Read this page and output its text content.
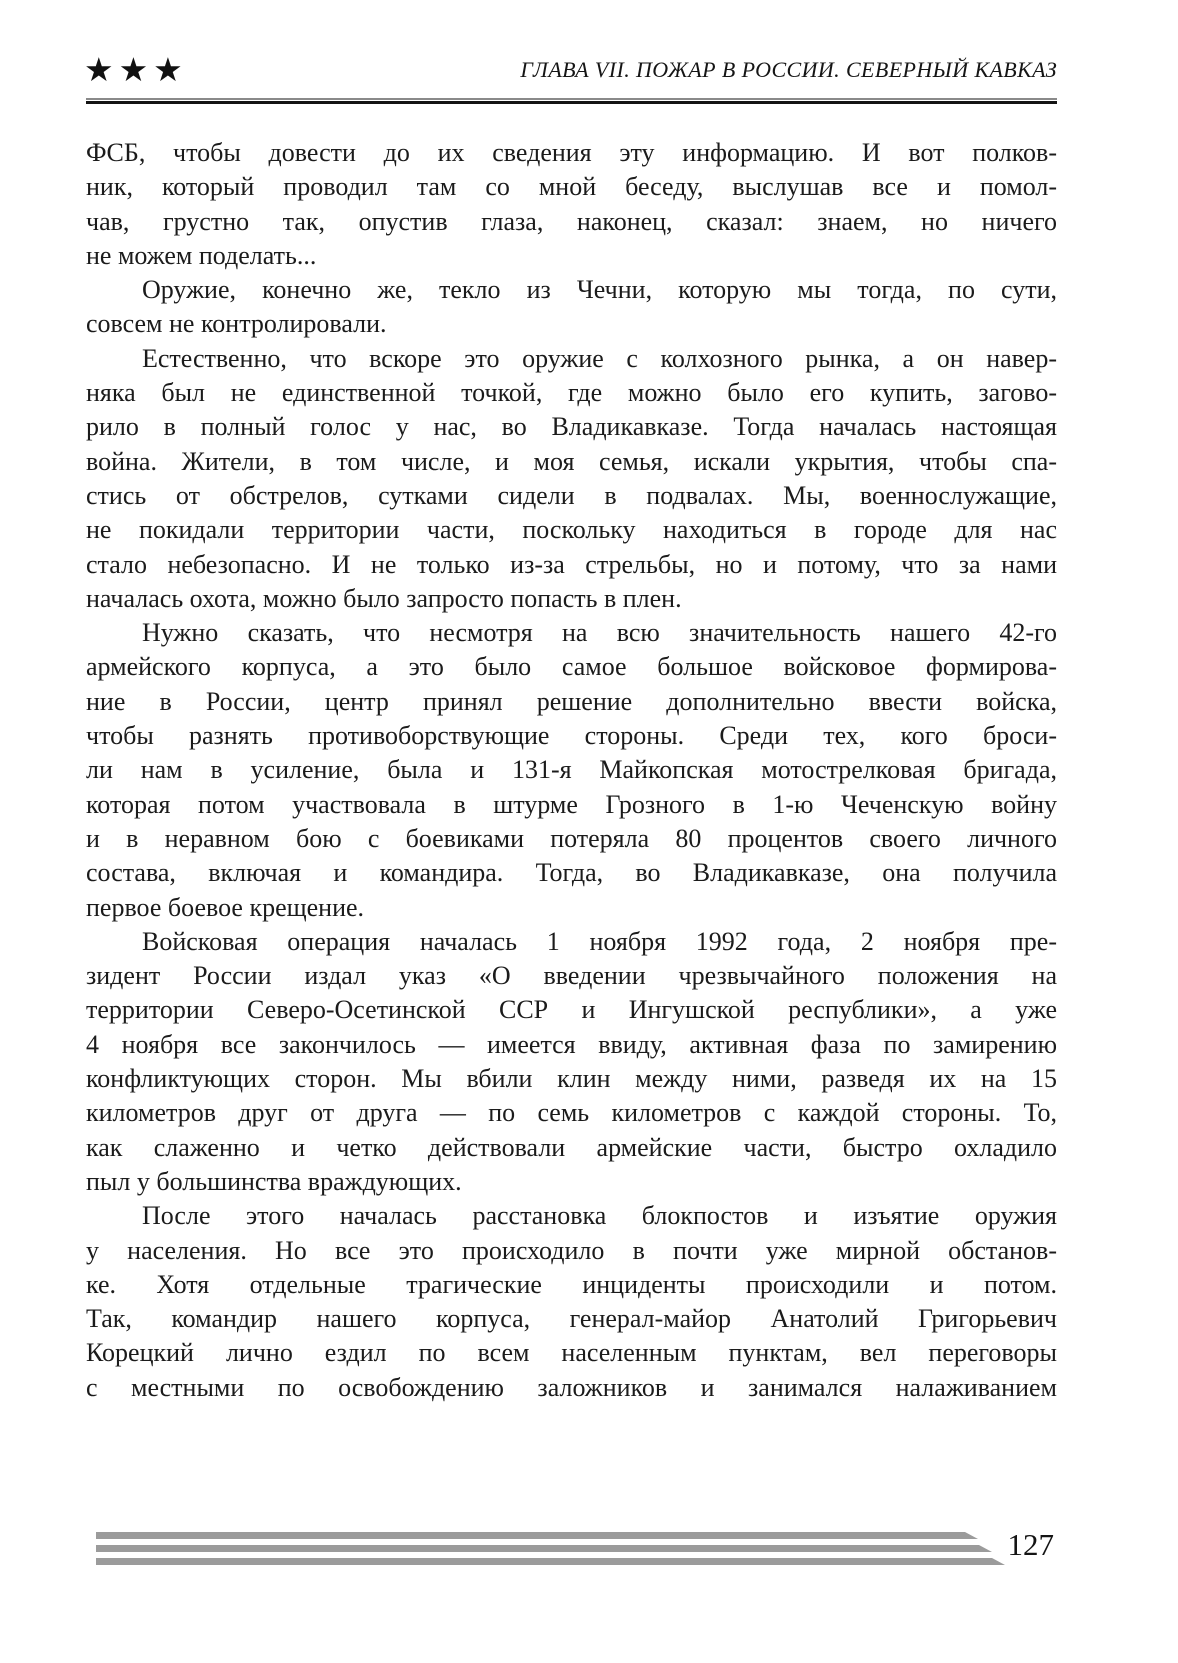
★★★	ГЛАВА VII. ПОЖАР В РОССИИ. СЕВЕРНЫЙ КАВКАЗ
ФСБ, чтобы довести до их сведения эту информацию. И вот полков-
ник, который проводил там со мной беседу, выслушав все и помол-
чав, грустно так, опустив глаза, наконец, сказал: знаем, но ничего
не можем поделать...
Оружие, конечно же, текло из Чечни, которую мы тогда, по сути,
совсем не контролировали.
Естественно, что вскоре это оружие с колхозного рынка, а он навер-
няка был не единственной точкой, где можно было его купить, загово-
рило в полный голос у нас, во Владикавказе. Тогда началась настоящая
война. Жители, в том числе, и моя семья, искали укрытия, чтобы спа-
стись от обстрелов, сутками сидели в подвалах. Мы, военнослужащие,
не покидали территории части, поскольку находиться в городе для нас
стало небезопасно. И не только из-за стрельбы, но и потому, что за нами
началась охота, можно было запросто попасть в плен.
Нужно сказать, что несмотря на всю значительность нашего 42-го
армейского корпуса, а это было самое большое войсковое формирова-
ние в России, центр принял решение дополнительно ввести войска,
чтобы разнять противоборствующие стороны. Среди тех, кого броси-
ли нам в усиление, была и 131-я Майкопская мотострелковая бригада,
которая потом участвовала в штурме Грозного в 1-ю Чеченскую войну
и в неравном бою с боевиками потеряла 80 процентов своего личного
состава, включая и командира. Тогда, во Владикавказе, она получила
первое боевое крещение.
Войсковая операция началась 1 ноября 1992 года, 2 ноября пре-
зидент России издал указ «О введении чрезвычайного положения на
территории Северо-Осетинской ССР и Ингушской республики», а уже
4 ноября все закончилось — имеется ввиду, активная фаза по замирению
конфликтующих сторон. Мы вбили клин между ними, разведя их на 15
километров друг от друга — по семь километров с каждой стороны. То,
как слаженно и четко действовали армейские части, быстро охладило
пыл у большинства враждующих.
После этого началась расстановка блокпостов и изъятие оружия
у населения. Но все это происходило в почти уже мирной обстанов-
ке. Хотя отдельные трагические инциденты происходили и потом.
Так, командир нашего корпуса, генерал-майор Анатолий Григорьевич
Корецкий лично ездил по всем населенным пунктам, вел переговоры
с местными по освобождению заложников и занимался налаживанием
127
